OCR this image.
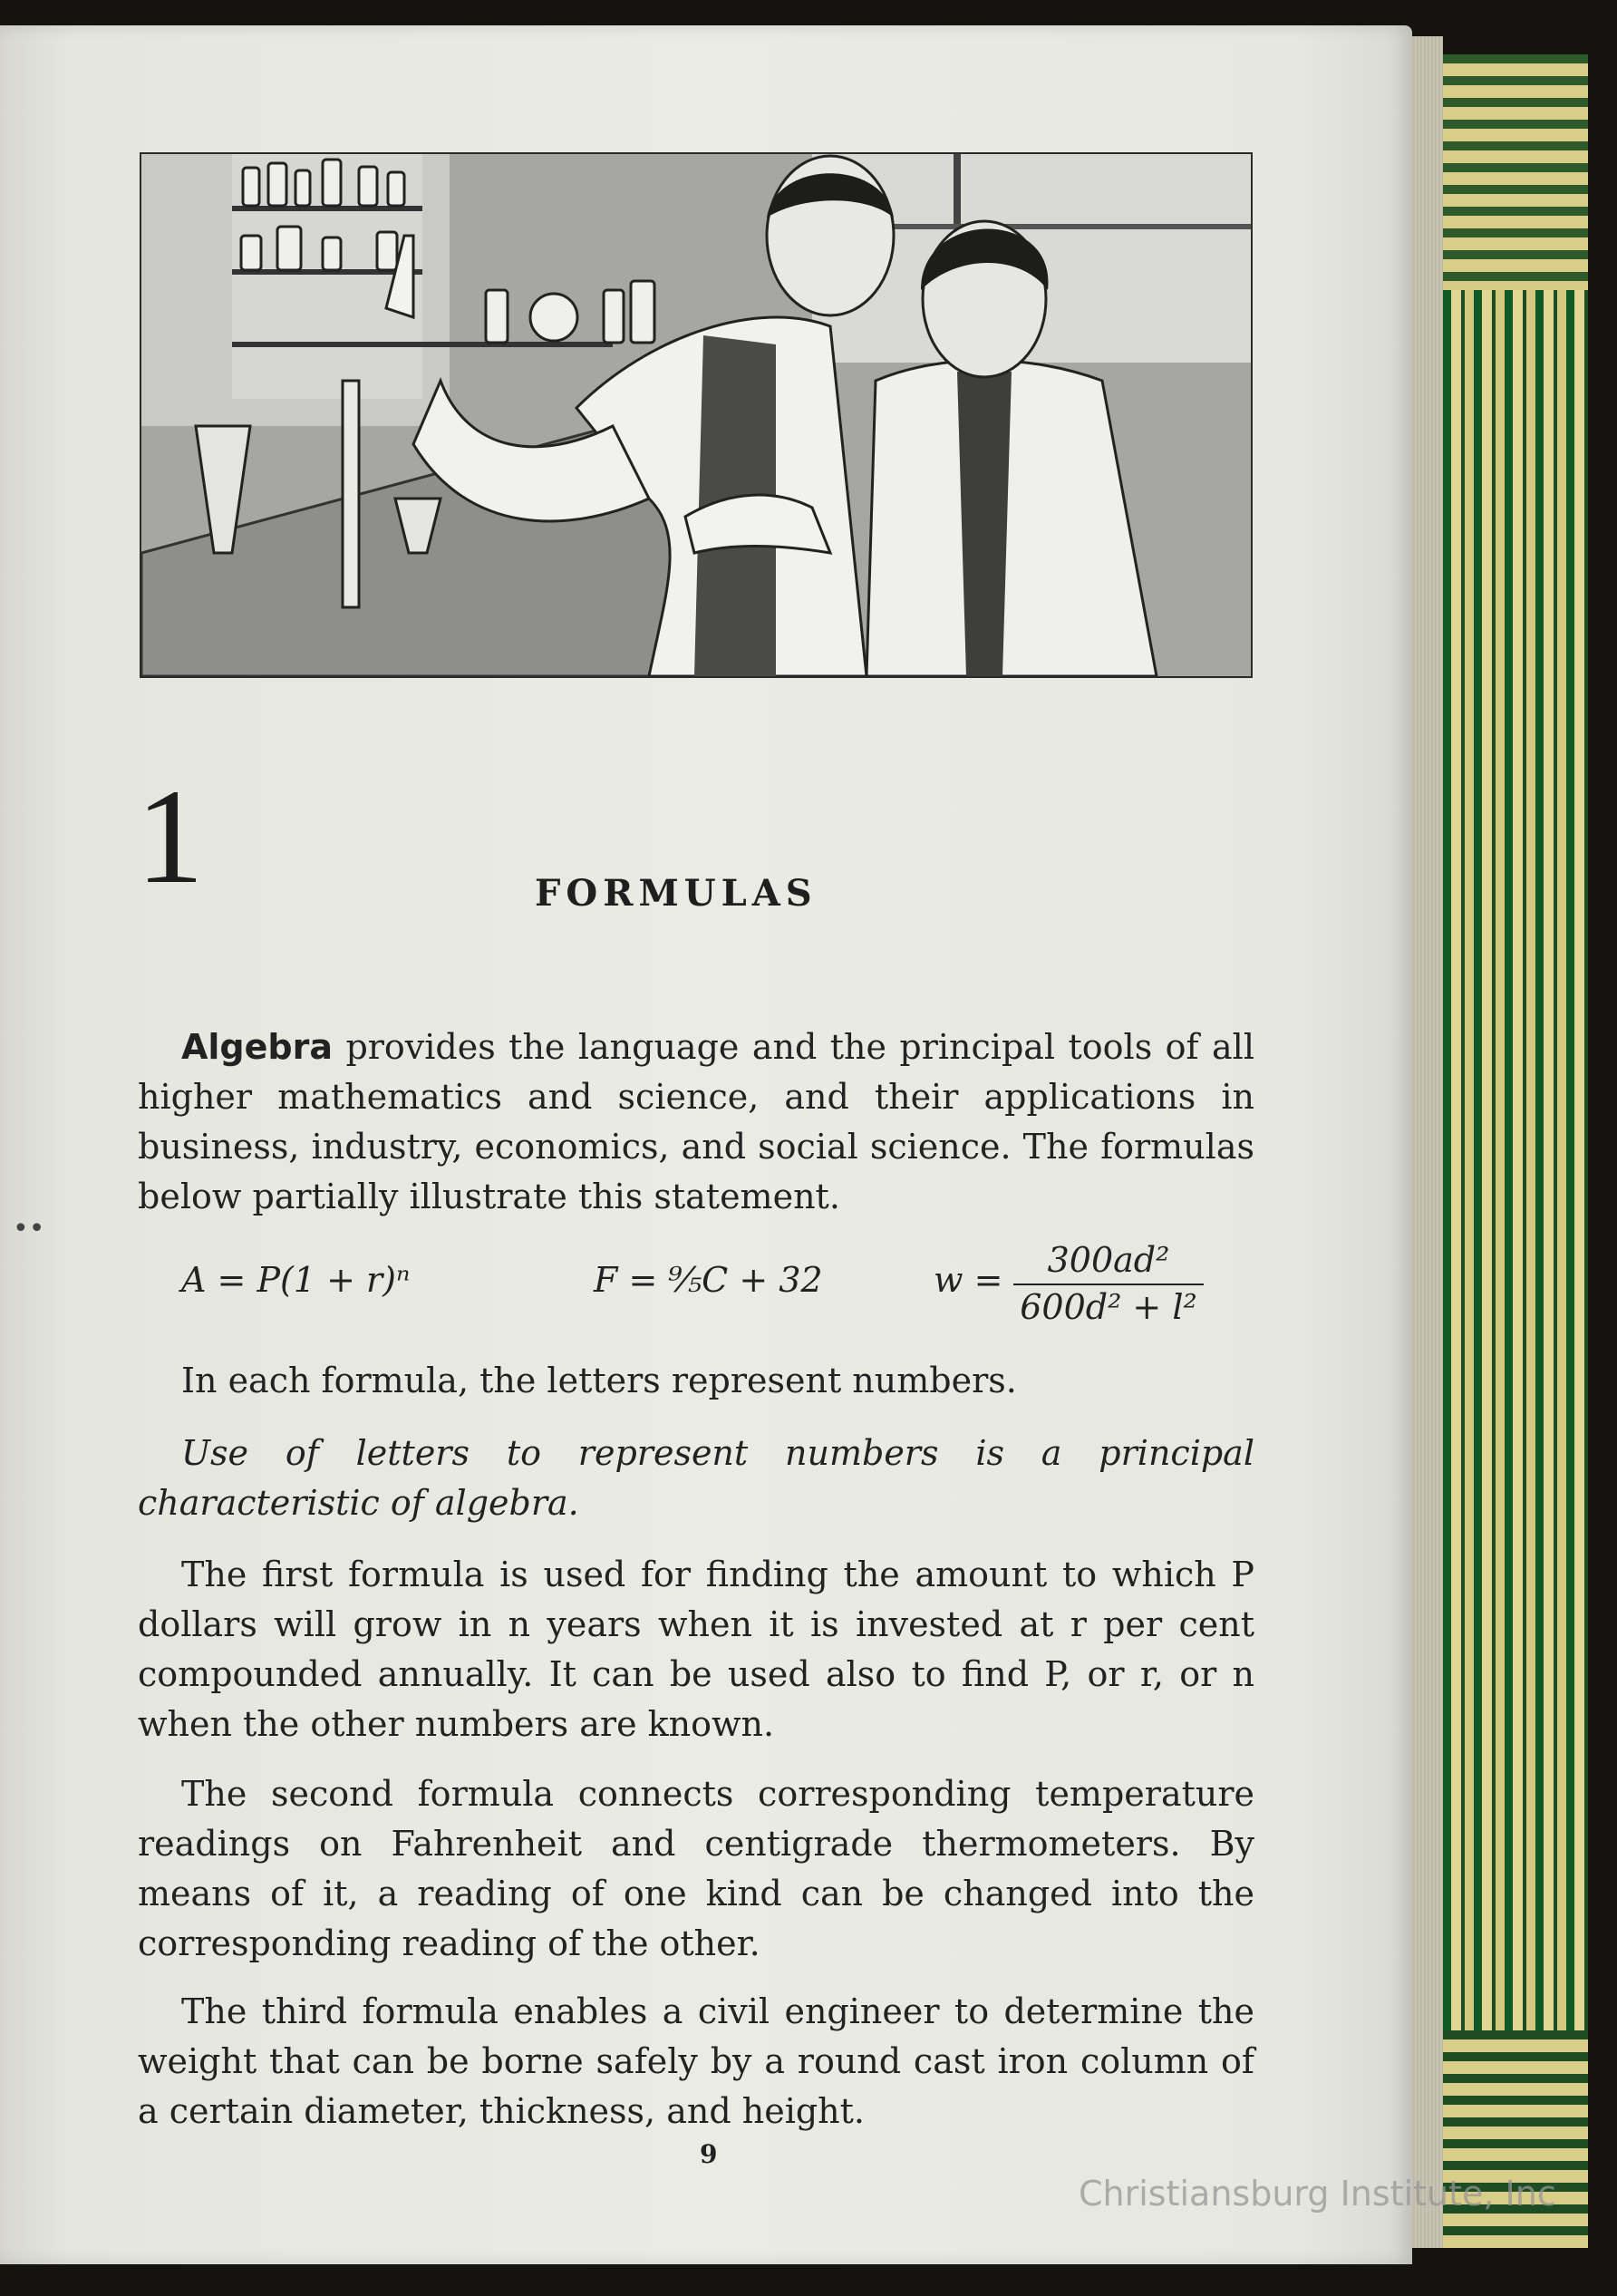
1	FORMULAS
Algebra provides the language and the principal tools of all higher mathematics and science, and their applications in business, industry, economics, and social science. The formulas below partially illustrate this statement.
A = P(1 + r)ⁿ	F = ⁹⁄₅C + 32	$w = \frac{\text{300ad²}}{\text{600d² + l²}}$
In each formula, the letters represent numbers.
Use of letters to represent numbers is a principal characteristic of algebra.
The first formula is used for finding the amount to which P dollars will grow in n years when it is invested at r per cent compounded annually. It can be used also to find P, or r, or n when the other numbers are known.
The second formula connects corresponding temperature readings on Fahrenheit and centigrade thermometers. By means of it, a reading of one kind can be changed into the corresponding reading of the other.
The third formula enables a civil engineer to determine the weight that can be borne safely by a round cast iron column of a certain diameter, thickness, and height.
9
••
Christiansburg Institute, Inc
